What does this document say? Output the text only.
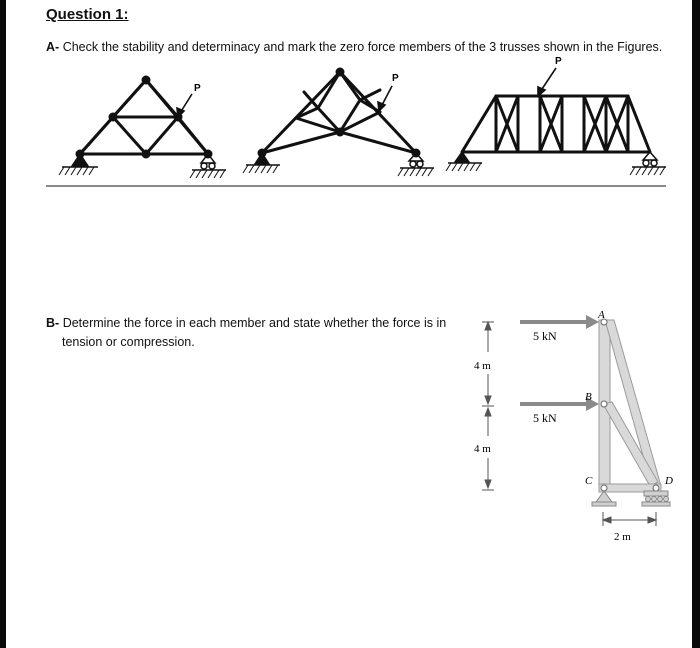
Question 1:
A- Check the stability and determinacy and mark the zero force members of the 3 trusses shown in the Figures.
P
P
P
B- Determine the force in each member and state whether the force is in
tension or compression.
4 m
4 m
2 m
5 kN
5 kN
A
B
C	D
